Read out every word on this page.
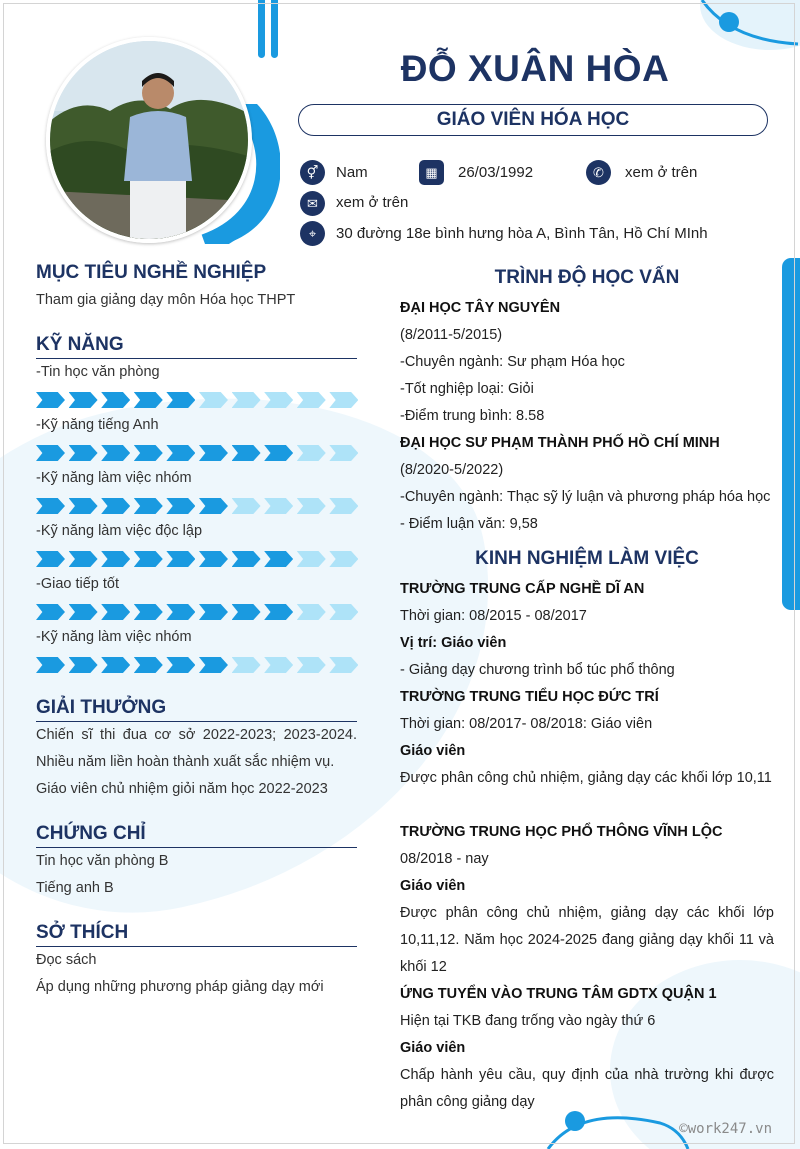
ĐỖ XUÂN HÒA
GIÁO VIÊN HÓA HỌC
⚥	Nam	▦	26/03/1992	✆	xem ở trên
✉	xem ở trên
⌖	30 đường 18e bình hưng hòa A, Bình Tân, Hồ Chí MInh
MỤC TIÊU NGHỀ NGHIỆP
Tham gia giảng dạy môn Hóa học THPT
KỸ NĂNG
-Tin học văn phòng
-Kỹ năng tiếng Anh
-Kỹ năng làm việc nhóm
-Kỹ năng làm việc độc lập
-Giao tiếp tốt
-Kỹ năng làm việc nhóm
GIẢI THƯỞNG
Chiến sĩ thi đua cơ sở 2022-2023; 2023-2024. Nhiều năm liền hoàn thành xuất sắc nhiệm vụ.
Giáo viên chủ nhiệm giỏi năm học 2022-2023
CHỨNG CHỈ
Tin học văn phòng B
Tiếng anh B
SỞ THÍCH
Đọc sách
Áp dụng những phương pháp giảng dạy mới
TRÌNH ĐỘ HỌC VẤN
ĐẠI HỌC TÂY NGUYÊN
(8/2011-5/2015)
-Chuyên ngành: Sư phạm Hóa học
-Tốt nghiệp loại: Giỏi
-Điểm trung bình: 8.58
ĐẠI HỌC SƯ PHẠM THÀNH PHỐ HỒ CHÍ MINH
(8/2020-5/2022)
-Chuyên ngành: Thạc sỹ lý luận và phương pháp hóa học
- Điểm luận văn: 9,58
KINH NGHIỆM LÀM VIỆC
TRƯỜNG TRUNG CẤP NGHỀ DĨ AN
Thời gian: 08/2015 - 08/2017
Vị trí: Giáo viên
- Giảng dạy chương trình bổ túc phổ thông
TRƯỜNG TRUNG TIỂU HỌC ĐỨC TRÍ
Thời gian: 08/2017- 08/2018: Giáo viên
Giáo viên
Được phân công chủ nhiệm, giảng dạy các khối lớp 10,11
TRƯỜNG TRUNG HỌC PHỔ THÔNG VĨNH LỘC
08/2018 - nay
Giáo viên
Được phân công chủ nhiệm, giảng dạy các khối lớp 10,11,12. Năm học 2024-2025 đang giảng dạy khối 11 và khối 12
ỨNG TUYỂN VÀO TRUNG TÂM GDTX QUẬN 1
Hiện tại TKB đang trống vào ngày thứ 6
Giáo viên
Chấp hành yêu cầu, quy định của nhà trường khi được phân công giảng dạy
©work247.vn
